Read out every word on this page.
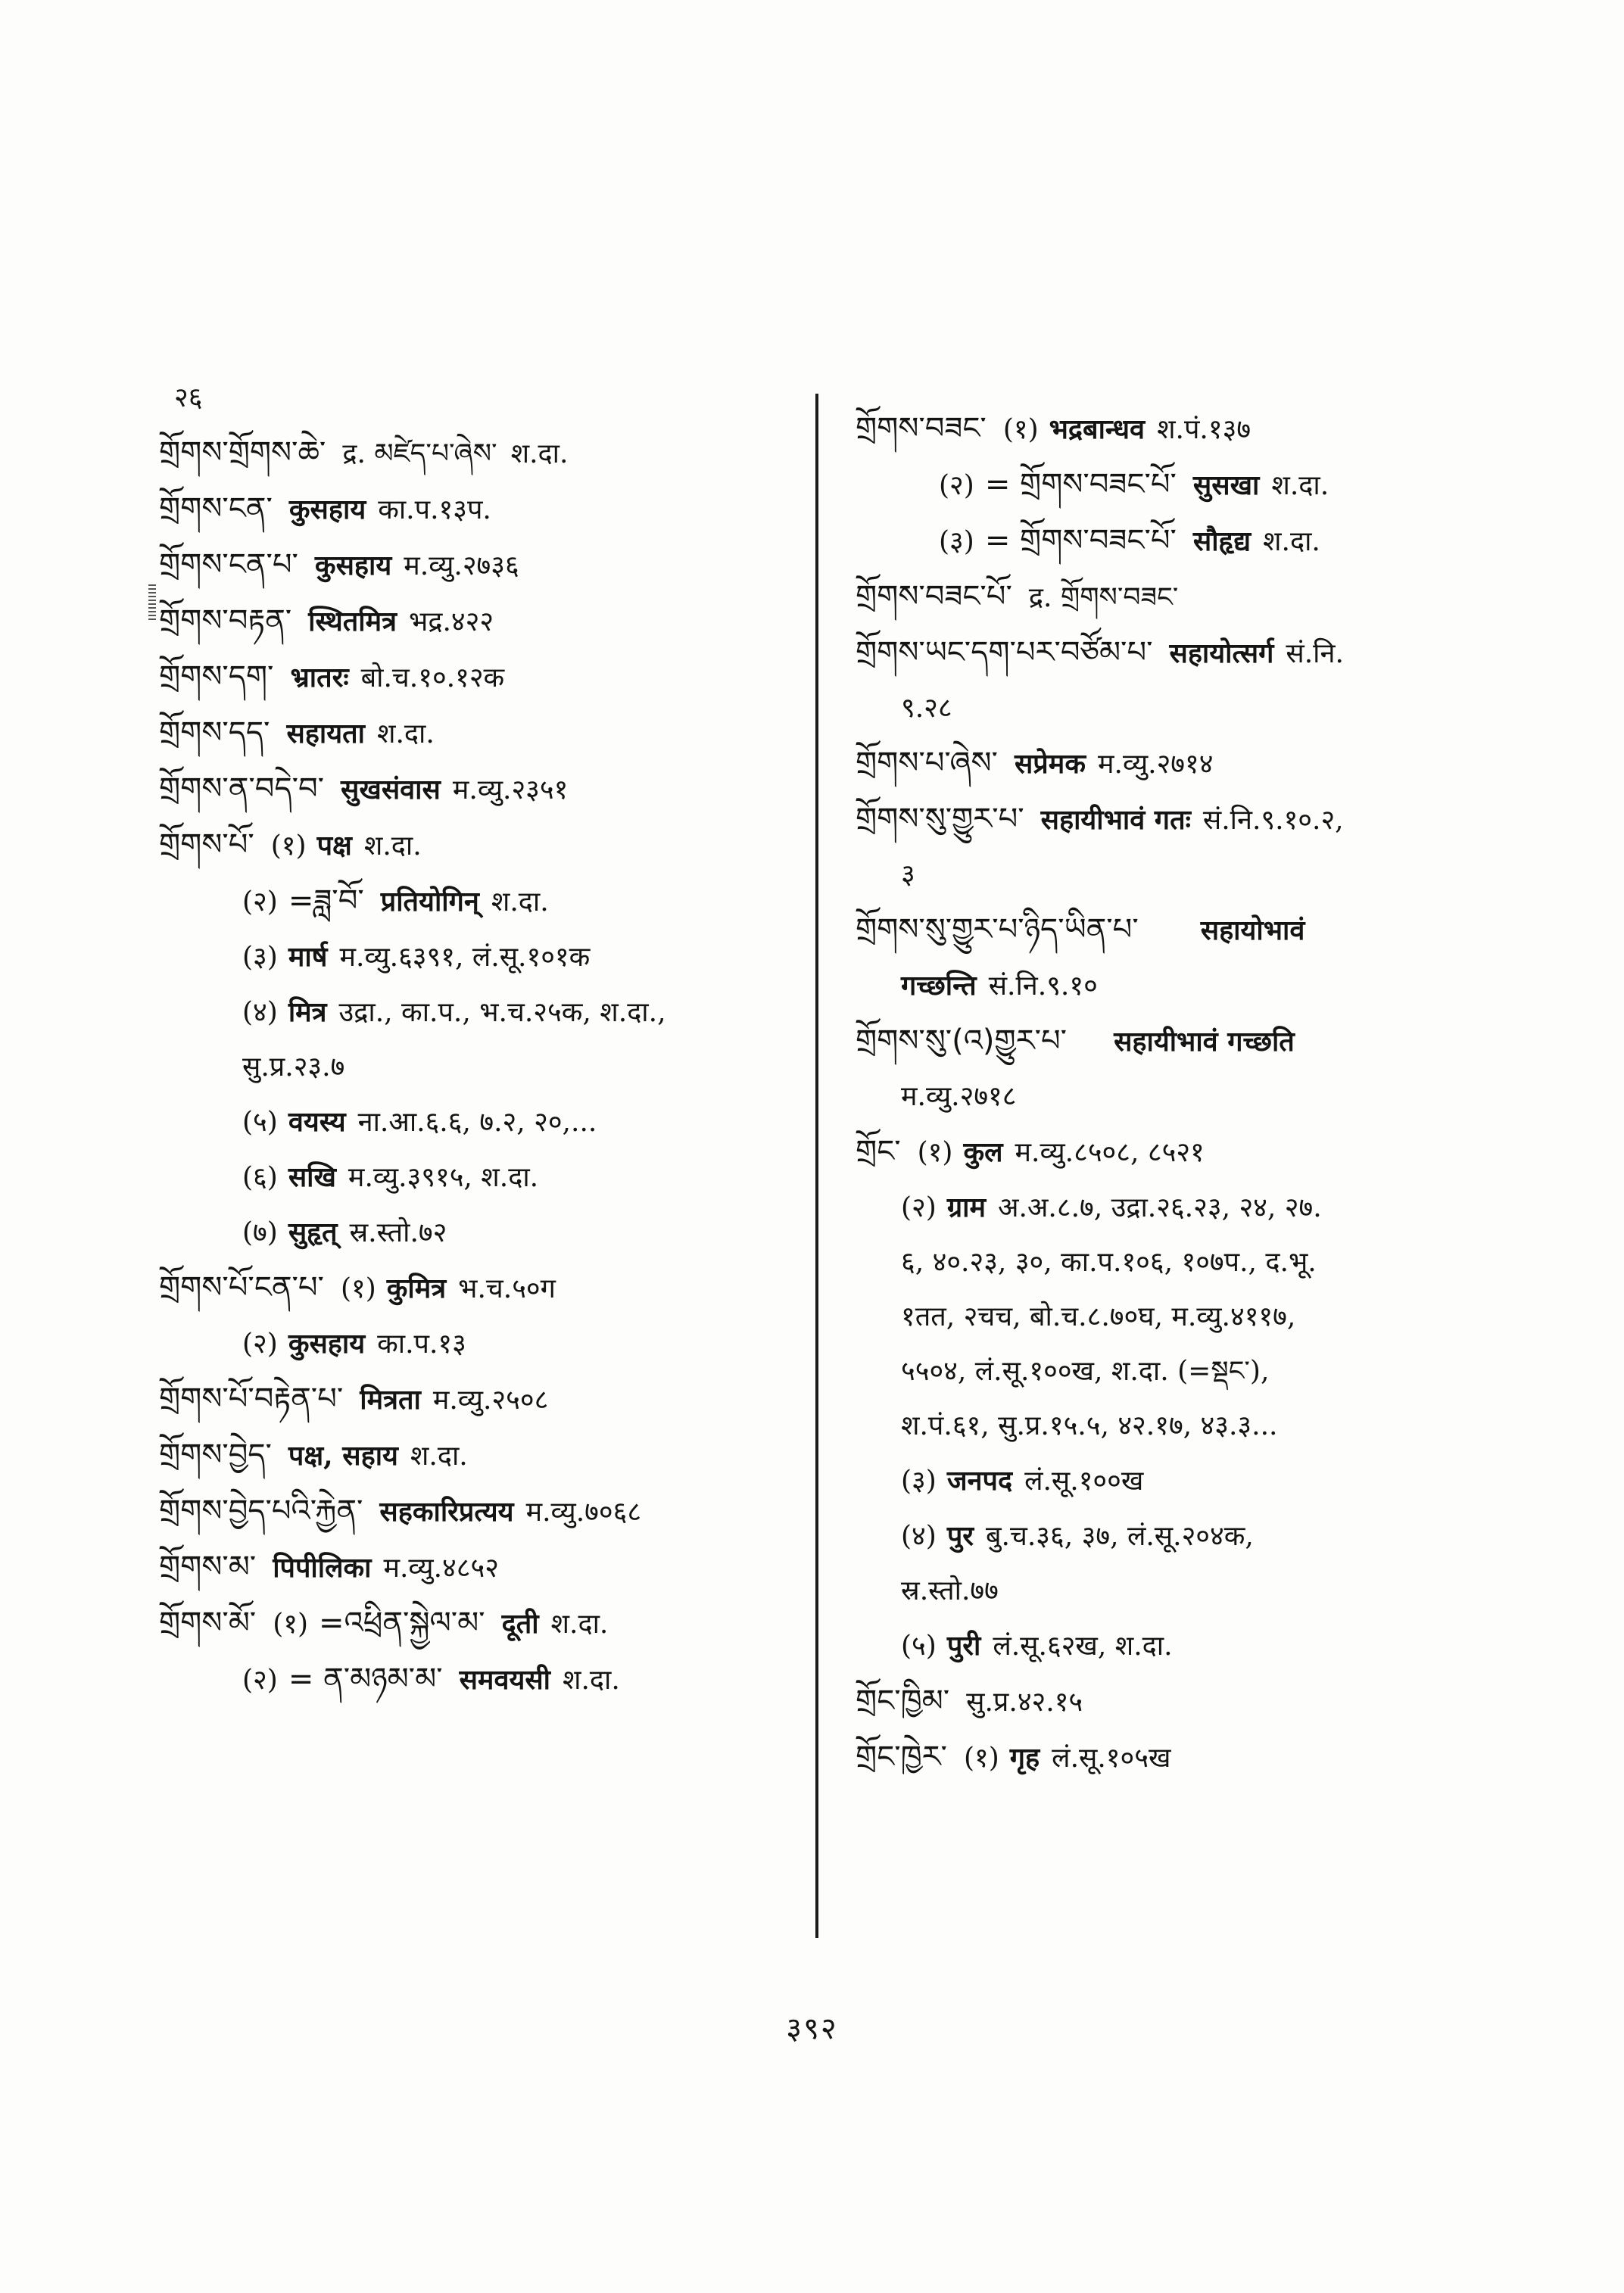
२६
གྲོགས་གྲོགས་ཆེ་ द्र. མཛེད་པ་ཞེས་ श.दा.
གྲོགས་ངན་ कुसहाय का.प.१३प.
གྲོགས་ངན་པ་ कुसहाय म.व्यु.२७३६
གྲོགས་བརྟན་ स्थितमित्र भद्र.४२२
གྲོགས་དག་ भ्रातरः बो.च.१०.१२क
གྲོགས་དད་ सहायता श.दा.
གྲོགས་ན་བདེ་བ་ सुखसंवास म.व्यु.२३५१
གྲོགས་པོ་ (१) पक्ष श.दा.
(२) =ཟླ་བོ་ प्रतियोगिन् श.दा.
(३) मार्ष म.व्यु.६३९१, लं.सू.१०१क
(४) मित्र उद्रा., का.प., भ.च.२५क, श.दा.,
सु.प्र.२३.७
(५) वयस्य ना.आ.६.६, ७.२, २०,...
(६) सखि म.व्यु.३९१५, श.दा.
(७) सुहृत् स्र.स्तो.७२
གྲོགས་པོ་ངན་པ་ (१) कुमित्र भ.च.५०ग
(२) कुसहाय का.प.१३
གྲོགས་པོ་བརྟེན་པ་ मित्रता म.व्यु.२५०८
གྲོགས་བྱེད་ पक्ष, सहाय श.दा.
གྲོགས་བྱེད་པའི་རྐྱེན་ सहकारिप्रत्यय म.व्यु.७०६८
གྲོགས་མ་ पिपीलिका म.व्यु.४८५२
གྲོགས་མོ་ (१) =འཕྲིན་སྐྱེལ་མ་ दूती श.दा.
(२) = ན་མཉམ་མ་ समवयसी श.दा.
གྲོགས་བཟང་ (१) भद्रबान्धव श.पं.१३७
(२) = གྲོགས་བཟང་པོ་ सुसखा श.दा.
(३) = གྲོགས་བཟང་པོ་ सौहृद्य श.दा.
གྲོགས་བཟང་པོ་ द्र. གྲོགས་བཟང་
གྲོགས་ཡང་དག་པར་བཙོམ་པ་ सहायोत्सर्ग सं.नि.
९.२८
གྲོགས་པ་ཞེས་ सप्रेमक म.व्यु.२७१४
གྲོགས་སུ་གྱུར་པ་ सहायीभावं गतः सं.नि.९.१०.२,
३
གྲོགས་སུ་གྱུར་པ་ཉིད་ཡིན་པ་ सहायोभावं
गच्छन्ति सं.नि.९.१०
གྲོགས་སུ་(འ)གྱུར་པ་ सहायीभावं गच्छति
म.व्यु.२७१८
གྲོང་ (१) कुल म.व्यु.८५०८, ८५२१
(२) ग्राम अ.अ.८.७, उद्रा.२६.२३, २४, २७.
६, ४०.२३, ३०, का.प.१०६, १०७प., द.भू.
१तत, २चच, बो.च.८.७०घ, म.व्यु.४११७,
५५०४, लं.सू.१००ख, श.दा. (=སྡང་),
श.पं.६१, सु.प्र.१५.५, ४२.१७, ४३.३...
(३) जनपद लं.सू.१००ख
(४) पुर बु.च.३६, ३७, लं.सू.२०४क,
स्र.स्तो.७७
(५) पुरी लं.सू.६२ख, श.दा.
གྲོང་ཁྱིམ་ सु.प्र.४२.१५
གྲོང་ཁྱེར་ (१) गृह लं.सू.१०५ख
३९२
